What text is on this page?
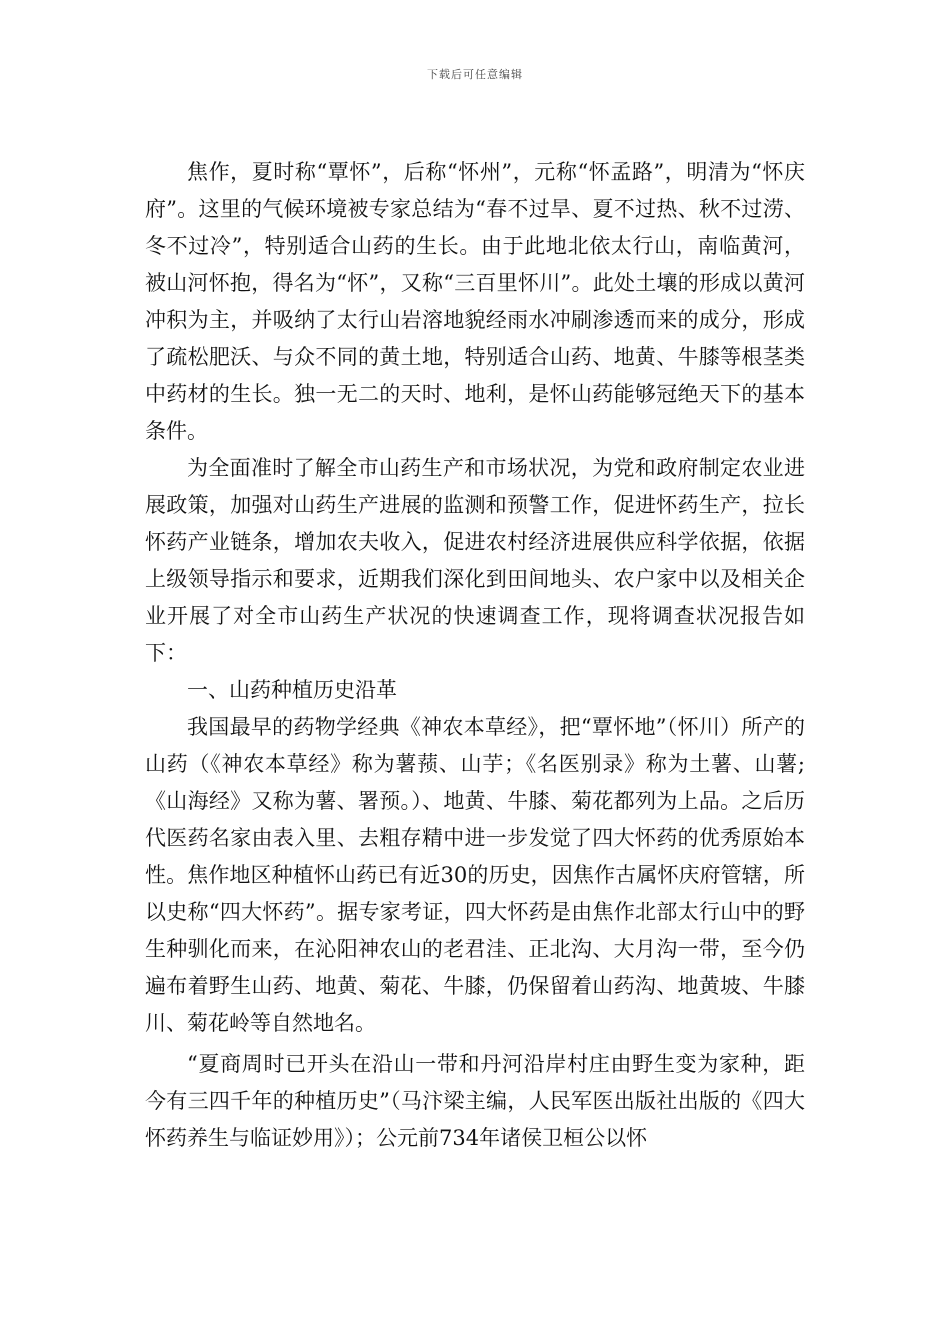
下载后可任意编辑

焦作，夏时称“覃怀”，后称“怀州”，元称“怀孟路”，明清为“怀庆府”。这里的气候环境被专家总结为“春不过旱、夏不过热、秋不过涝、冬不过冷”，特别适合山药的生长。由于此地北依太行山，南临黄河，被山河怀抱，得名为“怀”，又称“三百里怀川”。此处土壤的形成以黄河冲积为主，并吸纳了太行山岩溶地貌经雨水冲刷渗透而来的成分，形成了疏松肥沃、与众不同的黄土地，特别适合山药、地黄、牛膝等根茎类中药材的生长。独一无二的天时、地利，是怀山药能够冠绝天下的基本条件。

为全面准时了解全市山药生产和市场状况，为党和政府制定农业进展政策，加强对山药生产进展的监测和预警工作，促进怀药生产，拉长怀药产业链条，增加农夫收入，促进农村经济进展供应科学依据，依据上级领导指示和要求，近期我们深化到田间地头、农户家中以及相关企业开展了对全市山药生产状况的快速调查工作，现将调查状况报告如下：

一、山药种植历史沿革

我国最早的药物学经典《神农本草经》，把“覃怀地”（怀川）所产的山药（《神农本草经》称为薯蓣、山芋；《名医别录》称为土薯、山薯;《山海经》又称为薯、署预。）、地黄、牛膝、菊花都列为上品。之后历代医药名家由表入里、去粗存精中进一步发觉了四大怀药的优秀原始本性。焦作地区种植怀山药已有近30的历史，因焦作古属怀庆府管辖，所以史称“四大怀药”。据专家考证，四大怀药是由焦作北部太行山中的野生种驯化而来，在沁阳神农山的老君洼、正北沟、大月沟一带，至今仍遍布着野生山药、地黄、菊花、牛膝，仍保留着山药沟、地黄坡、牛膝川、菊花岭等自然地名。

“夏商周时已开头在沿山一带和丹河沿岸村庄由野生变为家种，距今有三四千年的种植历史”（马汴梁主编，人民军医出版社出版的《四大怀药养生与临证妙用》）；公元前734年诸侯卫桓公以怀
